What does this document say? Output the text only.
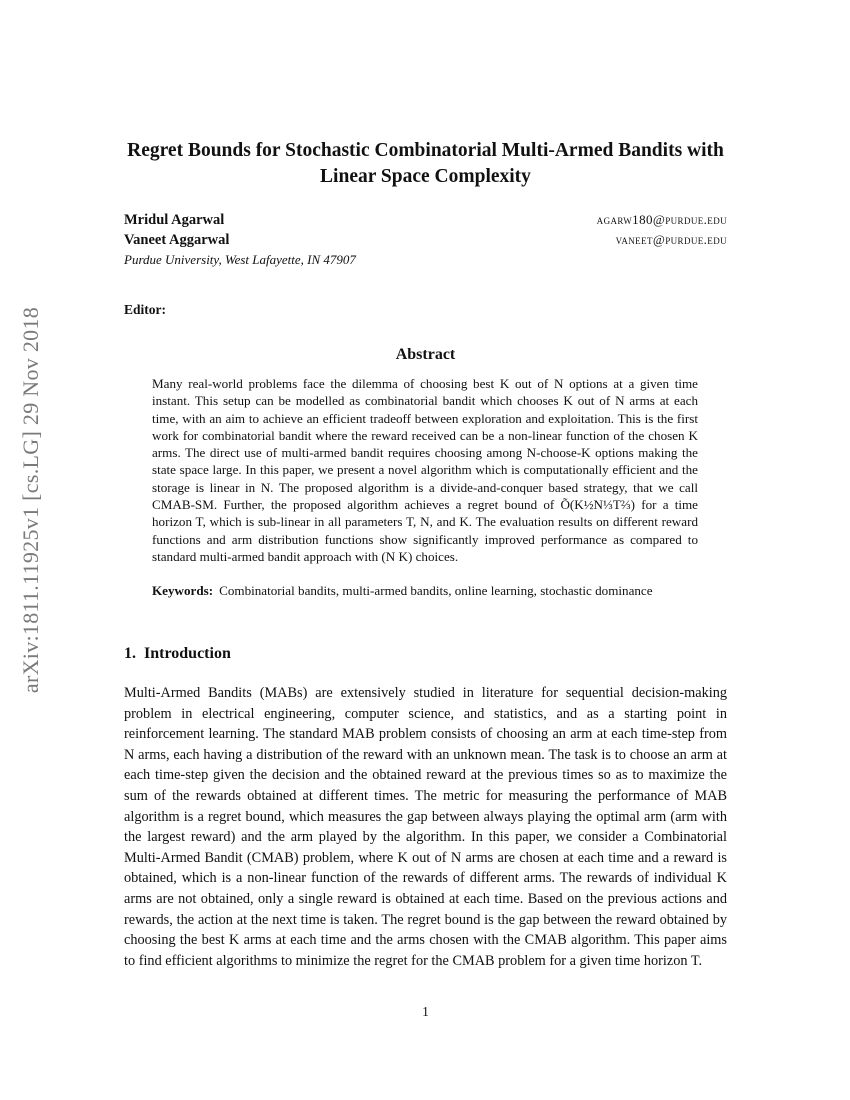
arXiv:1811.11925v1 [cs.LG] 29 Nov 2018
Regret Bounds for Stochastic Combinatorial Multi-Armed Bandits with Linear Space Complexity
Mridul Agarwal	agarw180@purdue.edu
Vaneet Aggarwal	vaneet@purdue.edu
Purdue University, West Lafayette, IN 47907
Editor:
Abstract
Many real-world problems face the dilemma of choosing best K out of N options at a given time instant. This setup can be modelled as combinatorial bandit which chooses K out of N arms at each time, with an aim to achieve an efficient tradeoff between exploration and exploitation. This is the first work for combinatorial bandit where the reward received can be a non-linear function of the chosen K arms. The direct use of multi-armed bandit requires choosing among N-choose-K options making the state space large. In this paper, we present a novel algorithm which is computationally efficient and the storage is linear in N. The proposed algorithm is a divide-and-conquer based strategy, that we call CMAB-SM. Further, the proposed algorithm achieves a regret bound of Õ(K½N⅓T⅔) for a time horizon T, which is sub-linear in all parameters T, N, and K. The evaluation results on different reward functions and arm distribution functions show significantly improved performance as compared to standard multi-armed bandit approach with (N K) choices.
Keywords: Combinatorial bandits, multi-armed bandits, online learning, stochastic dominance
1. Introduction
Multi-Armed Bandits (MABs) are extensively studied in literature for sequential decision-making problem in electrical engineering, computer science, and statistics, and as a starting point in reinforcement learning. The standard MAB problem consists of choosing an arm at each time-step from N arms, each having a distribution of the reward with an unknown mean. The task is to choose an arm at each time-step given the decision and the obtained reward at the previous times so as to maximize the sum of the rewards obtained at different times. The metric for measuring the performance of MAB algorithm is a regret bound, which measures the gap between always playing the optimal arm (arm with the largest reward) and the arm played by the algorithm. In this paper, we consider a Combinatorial Multi-Armed Bandit (CMAB) problem, where K out of N arms are chosen at each time and a reward is obtained, which is a non-linear function of the rewards of different arms. The rewards of individual K arms are not obtained, only a single reward is obtained at each time. Based on the previous actions and rewards, the action at the next time is taken. The regret bound is the gap between the reward obtained by choosing the best K arms at each time and the arms chosen with the CMAB algorithm. This paper aims to find efficient algorithms to minimize the regret for the CMAB problem for a given time horizon T.
1
